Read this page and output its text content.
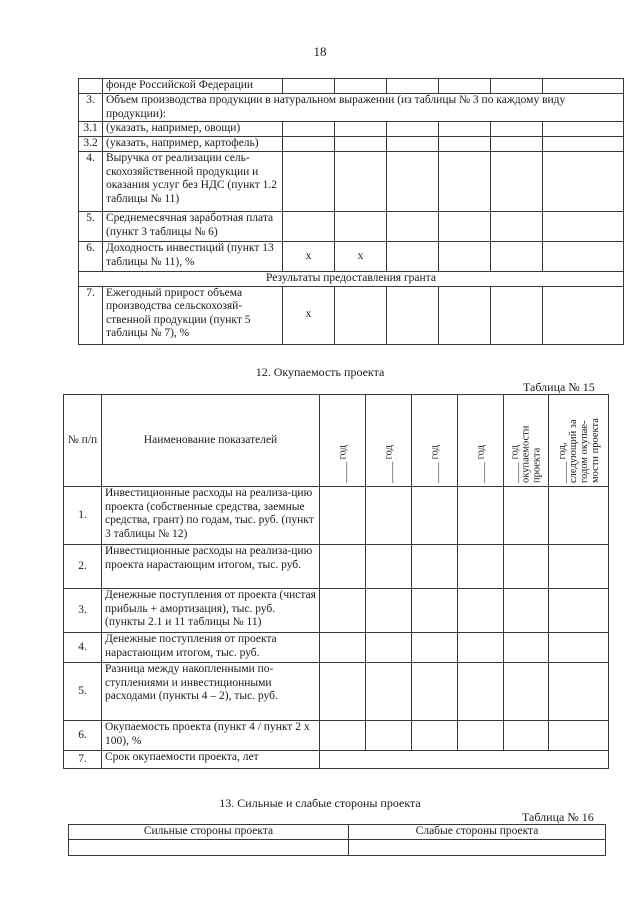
18
	фонде Российской Федерации						
3.	Объем производства продукции в натуральном выражении (из таблицы № 3 по каждому виду продукции):						
3.1	(указать, например, овощи)						
3.2	(указать, например, картофель)						
4.	Выручка от реализации сель-скохозяйственной продукции и оказания услуг без НДС (пункт 1.2 таблицы № 11)						
5.	Среднемесячная заработная плата (пункт 3 таблицы № 6)						
6.	Доходность инвестиций (пункт 13 таблицы № 11), %	x	x				
Результаты предоставления гранта							
7.	Ежегодный прирост объема производства сельскохозяй-ственной продукции (пункт 5 таблицы № 7), %	x					
12. Окупаемость проекта
Таблица № 15
№ п/п	Наименование показателей	____ год	____ год	____ год	____ год	____ год окупаемости проекта	____ год, следующий за годом окупае-мости проекта

1.	Инвестиционные расходы на реализа-цию проекта (собственные средства, заемные средства, грант) по годам, тыс. руб. (пункт 3 таблицы № 12)						
2.	Инвестиционные расходы на реализа-цию проекта нарастающим итогом, тыс. руб.						
3.	Денежные поступления от проекта (чистая прибыль + амортизация), тыс. руб. (пункты 2.1 и 11 таблицы № 11)						
4.	Денежные поступления от проекта нарастающим итогом, тыс. руб.						
5.	Разница между накопленными по-ступлениями и инвестиционными расходами (пункты 4 – 2), тыс. руб.						
6.	Окупаемость проекта (пункт 4 / пункт 2 х 100), %						
7.	Срок окупаемости проекта, лет						
13. Сильные и слабые стороны проекта
Таблица № 16
Сильные стороны проекта	Слабые стороны проекта
